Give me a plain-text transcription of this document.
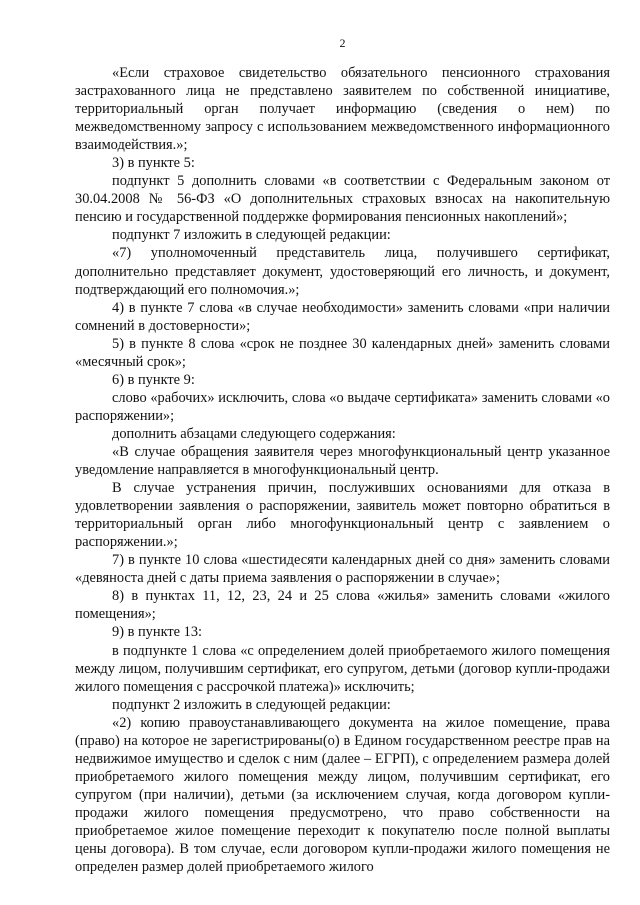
2

«Если страховое свидетельство обязательного пенсионного страхования застрахованного лица не представлено заявителем по собственной инициативе, территориальный орган получает информацию (сведения о нем) по межведомственному запросу с использованием межведомственного информационного взаимодействия.»;

3) в пункте 5:

подпункт 5 дополнить словами «в соответствии с Федеральным законом от 30.04.2008 № 56-ФЗ «О дополнительных страховых взносах на накопительную пенсию и государственной поддержке формирования пенсионных накоплений»;

подпункт 7 изложить в следующей редакции:

«7) уполномоченный представитель лица, получившего сертификат, дополнительно представляет документ, удостоверяющий его личность, и документ, подтверждающий его полномочия.»;

4) в пункте 7 слова «в случае необходимости» заменить словами «при наличии сомнений в достоверности»;

5) в пункте 8 слова «срок не позднее 30 календарных дней» заменить словами «месячный срок»;

6) в пункте 9:

слово «рабочих» исключить, слова «о выдаче сертификата» заменить словами «о распоряжении»;

дополнить абзацами следующего содержания:

«В случае обращения заявителя через многофункциональный центр указанное уведомление направляется в многофункциональный центр.

В случае устранения причин, послуживших основаниями для отказа в удовлетворении заявления о распоряжении, заявитель может повторно обратиться в территориальный орган либо многофункциональный центр с заявлением о распоряжении.»;

7) в пункте 10 слова «шестидесяти календарных дней со дня» заменить словами «девяноста дней с даты приема заявления о распоряжении в случае»;

8) в пунктах 11, 12, 23, 24 и 25 слова «жилья» заменить словами «жилого помещения»;

9) в пункте 13:

в подпункте 1 слова «с определением долей приобретаемого жилого помещения между лицом, получившим сертификат, его супругом, детьми (договор купли-продажи жилого помещения с рассрочкой платежа)» исключить;

подпункт 2 изложить в следующей редакции:

«2) копию правоустанавливающего документа на жилое помещение, права (право) на которое не зарегистрированы(о) в Едином государственном реестре прав на недвижимое имущество и сделок с ним (далее – ЕГРП), с определением размера долей приобретаемого жилого помещения между лицом, получившим сертификат, его супругом (при наличии), детьми (за исключением случая, когда договором купли-продажи жилого помещения предусмотрено, что право собственности на приобретаемое жилое помещение переходит к покупателю после полной выплаты цены договора). В том случае, если договором купли-продажи жилого помещения не определен размер долей приобретаемого жилого
